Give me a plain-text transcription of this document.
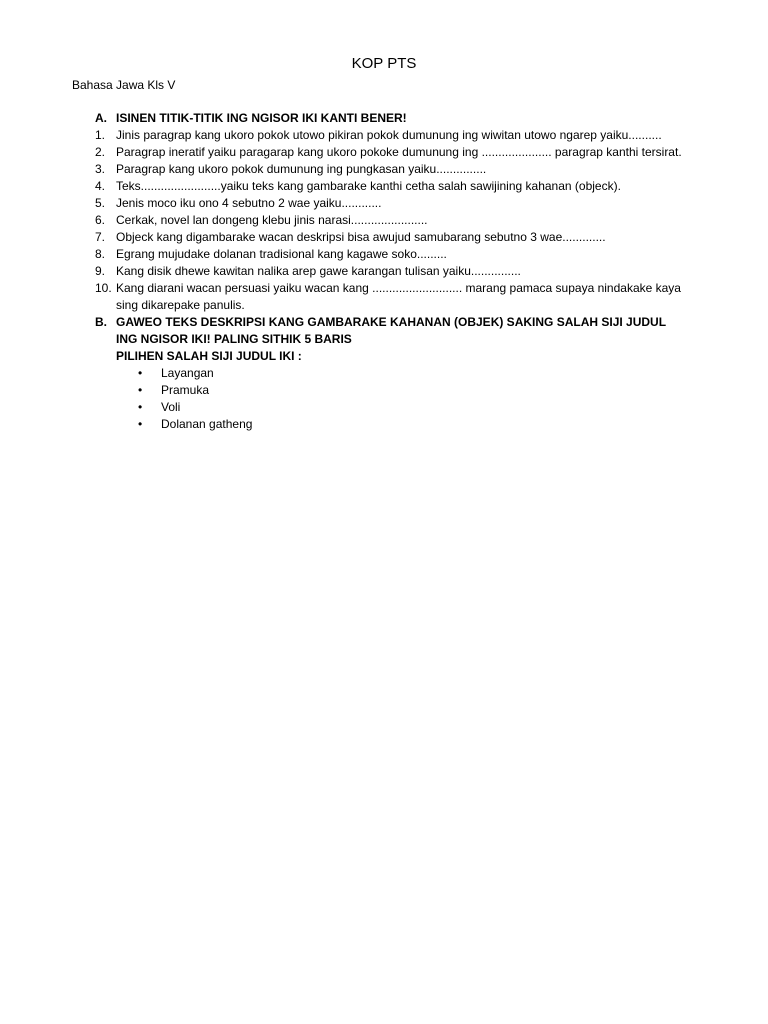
KOP PTS
Bahasa Jawa Kls V
A. ISINEN TITIK-TITIK ING NGISOR IKI KANTI BENER!
1. Jinis paragrap kang ukoro pokok utowo pikiran pokok dumunung ing wiwitan utowo ngarep yaiku..........
2. Paragrap ineratif yaiku paragarap kang ukoro pokoke dumunung ing ..................... paragrap kanthi tersirat.
3. Paragrap kang ukoro pokok dumunung ing pungkasan yaiku...............
4. Teks........................yaiku teks kang gambarake kanthi cetha salah sawijining kahanan (objeck).
5. Jenis moco iku ono 4 sebutno 2 wae yaiku............
6. Cerkak, novel lan dongeng klebu jinis narasi.......................
7. Objeck kang digambarake wacan deskripsi bisa awujud samubarang sebutno 3 wae.............
8. Egrang mujudake dolanan tradisional kang kagawe soko.........
9. Kang disik dhewe kawitan nalika arep gawe karangan tulisan yaiku...............
10. Kang diarani wacan persuasi yaiku wacan kang ........................... marang pamaca supaya nindakake kaya sing dikarepake panulis.
B. GAWEO TEKS DESKRIPSI KANG GAMBARAKE KAHANAN (OBJEK) SAKING SALAH SIJI JUDUL ING NGISOR IKI! PALING SITHIK 5 BARIS
PILIHEN SALAH SIJI JUDUL IKI :
•	Layangan
•	Pramuka
•	Voli
•	Dolanan gatheng
